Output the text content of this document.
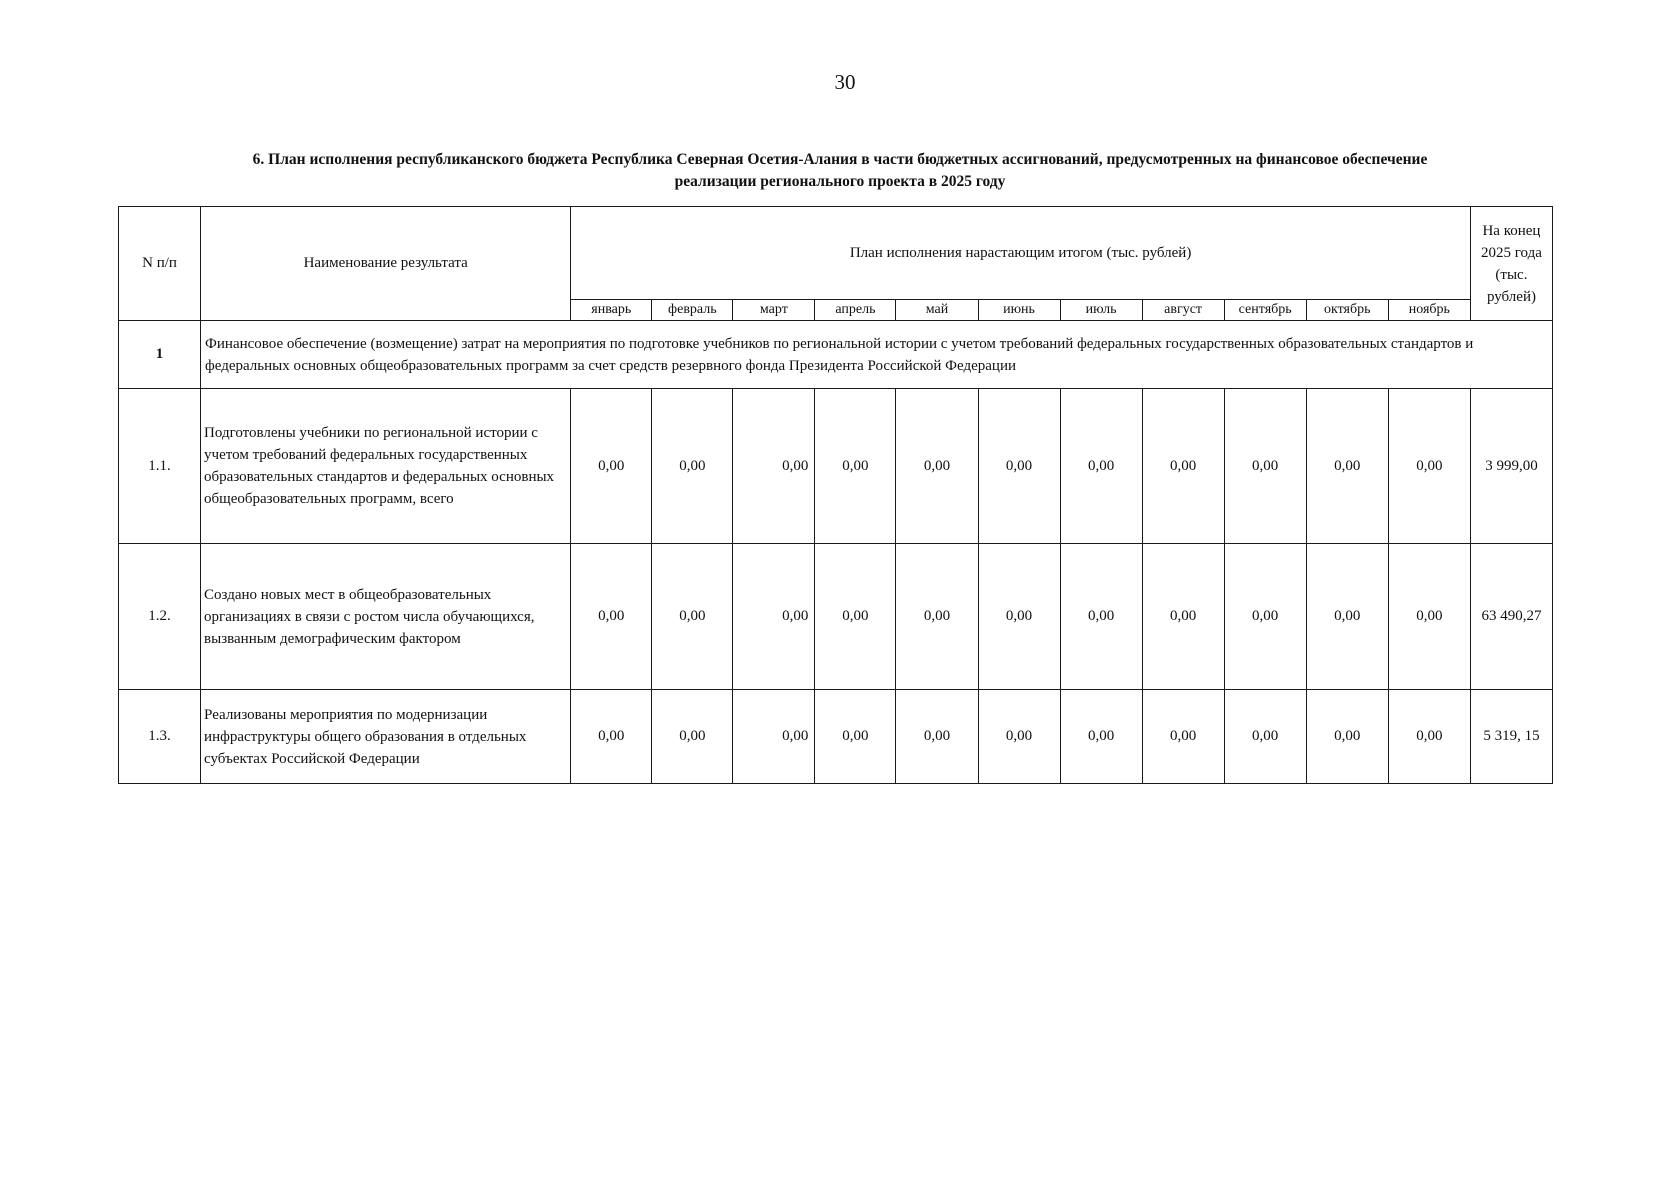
30
6. План исполнения республиканского бюджета Республика Северная Осетия-Алания в части бюджетных ассигнований, предусмотренных на финансовое обеспечение
реализации регионального проекта в 2025 году
N п/п	Наименование результата	План исполнения нарастающим итогом (тыс. рублей)											На конец 2025 года (тыс. рублей)
		январь	февраль	март	апрель	май	июнь	июль	август	сентябрь	октябрь	ноябрь	
1	Финансовое обеспечение (возмещение) затрат на мероприятия по подготовке учебников по региональной истории с учетом требований федеральных государственных образовательных стандартов и федеральных основных общеобразовательных программ за счет средств резервного фонда Президента Российской Федерации												
1.1.	Подготовлены учебники по региональной истории с учетом требований федеральных государственных образовательных стандартов и федеральных основных общеобразовательных программ, всего	0,00	0,00	0,00	0,00	0,00	0,00	0,00	0,00	0,00	0,00	0,00	3 999,00
1.2.	Создано новых мест в общеобразовательных организациях в связи с ростом числа обучающихся, вызванным демографическим фактором	0,00	0,00	0,00	0,00	0,00	0,00	0,00	0,00	0,00	0,00	0,00	63 490,27
1.3.	Реализованы мероприятия по модернизации инфраструктуры общего образования в отдельных субъектах Российской Федерации	0,00	0,00	0,00	0,00	0,00	0,00	0,00	0,00	0,00	0,00	0,00	5 319, 15
